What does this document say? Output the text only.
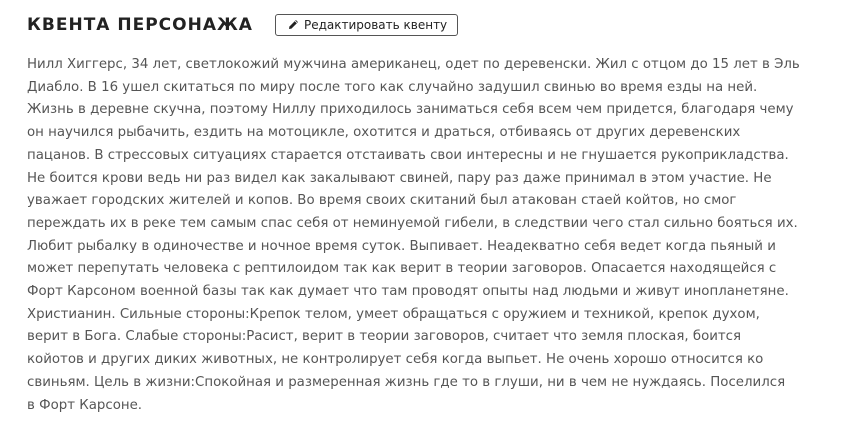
КВЕНТА ПЕРСОНАЖА	Редактировать квенту
Нилл Хиггерс, 34 лет, светлокожий мужчина американец, одет по деревенски. Жил с отцом до 15 лет в Эль
Диабло. В 16 ушел скитаться по миру после того как случайно задушил свинью во время езды на ней.
Жизнь в деревне скучна, поэтому Ниллу приходилось заниматься себя всем чем придется, благодаря чему
он научился рыбачить, ездить на мотоцикле, охотится и драться, отбиваясь от других деревенских
пацанов. В стрессовых ситуациях старается отстаивать свои интересны и не гнушается рукоприкладства.
Не боится крови ведь ни раз видел как закалывают свиней, пару раз даже принимал в этом участие. Не
уважает городских жителей и копов. Во время своих скитаний был атакован стаей койтов, но смог
переждать их в реке тем самым спас себя от неминуемой гибели, в следствии чего стал сильно бояться их.
Любит рыбалку в одиночестве и ночное время суток. Выпивает. Неадекватно себя ведет когда пьяный и
может перепутать человека с рептилоидом так как верит в теории заговоров. Опасается находящейся с
Форт Карсоном военной базы так как думает что там проводят опыты над людьми и живут инопланетяне.
Христианин. Сильные стороны:Крепок телом, умеет обращаться с оружием и техникой, крепок духом,
верит в Бога. Слабые стороны:Расист, верит в теории заговоров, считает что земля плоская, боится
койотов и других диких животных, не контролирует себя когда выпьет. Не очень хорошо относится ко
свиньям. Цель в жизни:Спокойная и размеренная жизнь где то в глуши, ни в чем не нуждаясь. Поселился
в Форт Карсоне.
